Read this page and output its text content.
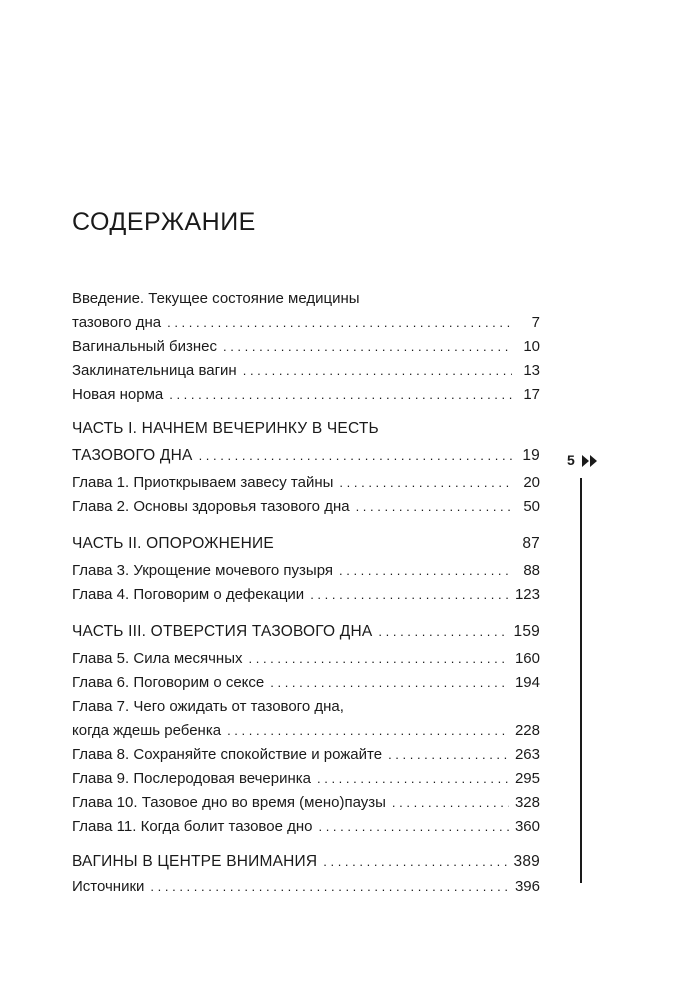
СОДЕРЖАНИЕ
Введение. Текущее состояние медицины
тазового дна . . .	7
Вагинальный бизнес . . .	10
Заклинательница вагин . . .	13
Новая норма . . .	17
ЧАСТЬ I. НАЧНЕМ ВЕЧЕРИНКУ В ЧЕСТЬ
ТАЗОВОГО ДНА . . .	19
Глава 1. Приоткрываем завесу тайны . . .	20
Глава 2. Основы здоровья тазового дна . . .	50
ЧАСТЬ II. ОПОРОЖНЕНИЕ	87
Глава 3. Укрощение мочевого пузыря . . .	88
Глава 4. Поговорим о дефекации . . .	123
ЧАСТЬ III. ОТВЕРСТИЯ ТАЗОВОГО ДНА . . .	159
Глава 5. Сила месячных . . .	160
Глава 6. Поговорим о сексе . . .	194
Глава 7. Чего ожидать от тазового дна,
когда ждешь ребенка . . .	228
Глава 8. Сохраняйте спокойствие и рожайте . . .	263
Глава 9. Послеродовая вечеринка . . .	295
Глава 10. Тазовое дно во время (мено)паузы . . .	328
Глава 11. Когда болит тазовое дно . . .	360
ВАГИНЫ В ЦЕНТРЕ ВНИМАНИЯ . . .	389
Источники . . .	396
5
